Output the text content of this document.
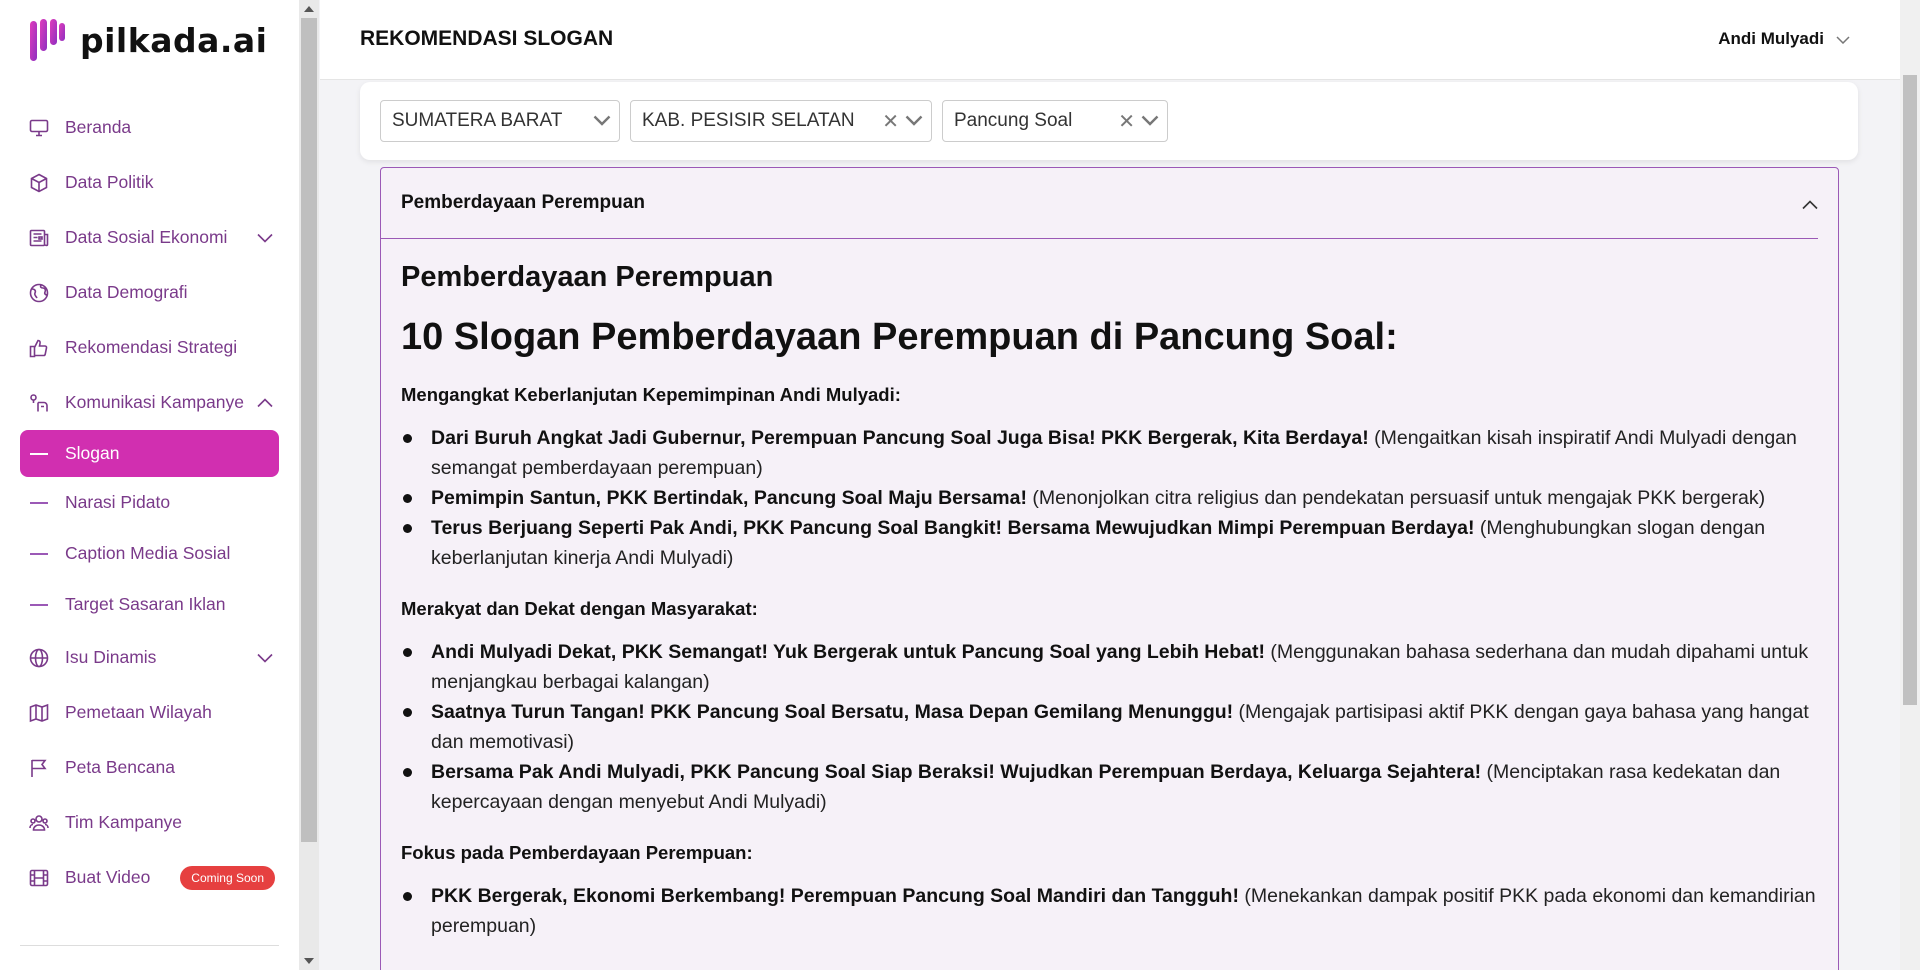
pilkada.ai
Beranda
Data Politik
Data Sosial Ekonomi
Data Demografi
Rekomendasi Strategi
Komunikasi Kampanye
Slogan
Narasi Pidato
Caption Media Sosial
Target Sasaran Iklan
Isu Dinamis
Pemetaan Wilayah
Peta Bencana
Tim Kampanye
Buat Video	Coming Soon
REKOMENDASI SLOGAN	Andi Mulyadi
SUMATERA BARAT	KAB. PESISIR SELATAN ✕	Pancung Soal ✕
Pemberdayaan Perempuan
Pemberdayaan Perempuan
10 Slogan Pemberdayaan Perempuan di Pancung Soal:
Mengangkat Keberlanjutan Kepemimpinan Andi Mulyadi:
Dari Buruh Angkat Jadi Gubernur, Perempuan Pancung Soal Juga Bisa! PKK Bergerak, Kita Berdaya! (Mengaitkan kisah inspiratif Andi Mulyadi dengan semangat pemberdayaan perempuan)
Pemimpin Santun, PKK Bertindak, Pancung Soal Maju Bersama! (Menonjolkan citra religius dan pendekatan persuasif untuk mengajak PKK bergerak)
Terus Berjuang Seperti Pak Andi, PKK Pancung Soal Bangkit! Bersama Mewujudkan Mimpi Perempuan Berdaya! (Menghubungkan slogan dengan keberlanjutan kinerja Andi Mulyadi)
Merakyat dan Dekat dengan Masyarakat:
Andi Mulyadi Dekat, PKK Semangat! Yuk Bergerak untuk Pancung Soal yang Lebih Hebat! (Menggunakan bahasa sederhana dan mudah dipahami untuk menjangkau berbagai kalangan)
Saatnya Turun Tangan! PKK Pancung Soal Bersatu, Masa Depan Gemilang Menunggu! (Mengajak partisipasi aktif PKK dengan gaya bahasa yang hangat dan memotivasi)
Bersama Pak Andi Mulyadi, PKK Pancung Soal Siap Beraksi! Wujudkan Perempuan Berdaya, Keluarga Sejahtera! (Menciptakan rasa kedekatan dan kepercayaan dengan menyebut Andi Mulyadi)
Fokus pada Pemberdayaan Perempuan:
PKK Bergerak, Ekonomi Berkembang! Perempuan Pancung Soal Mandiri dan Tangguh! (Menekankan dampak positif PKK pada ekonomi dan kemandirian perempuan)
